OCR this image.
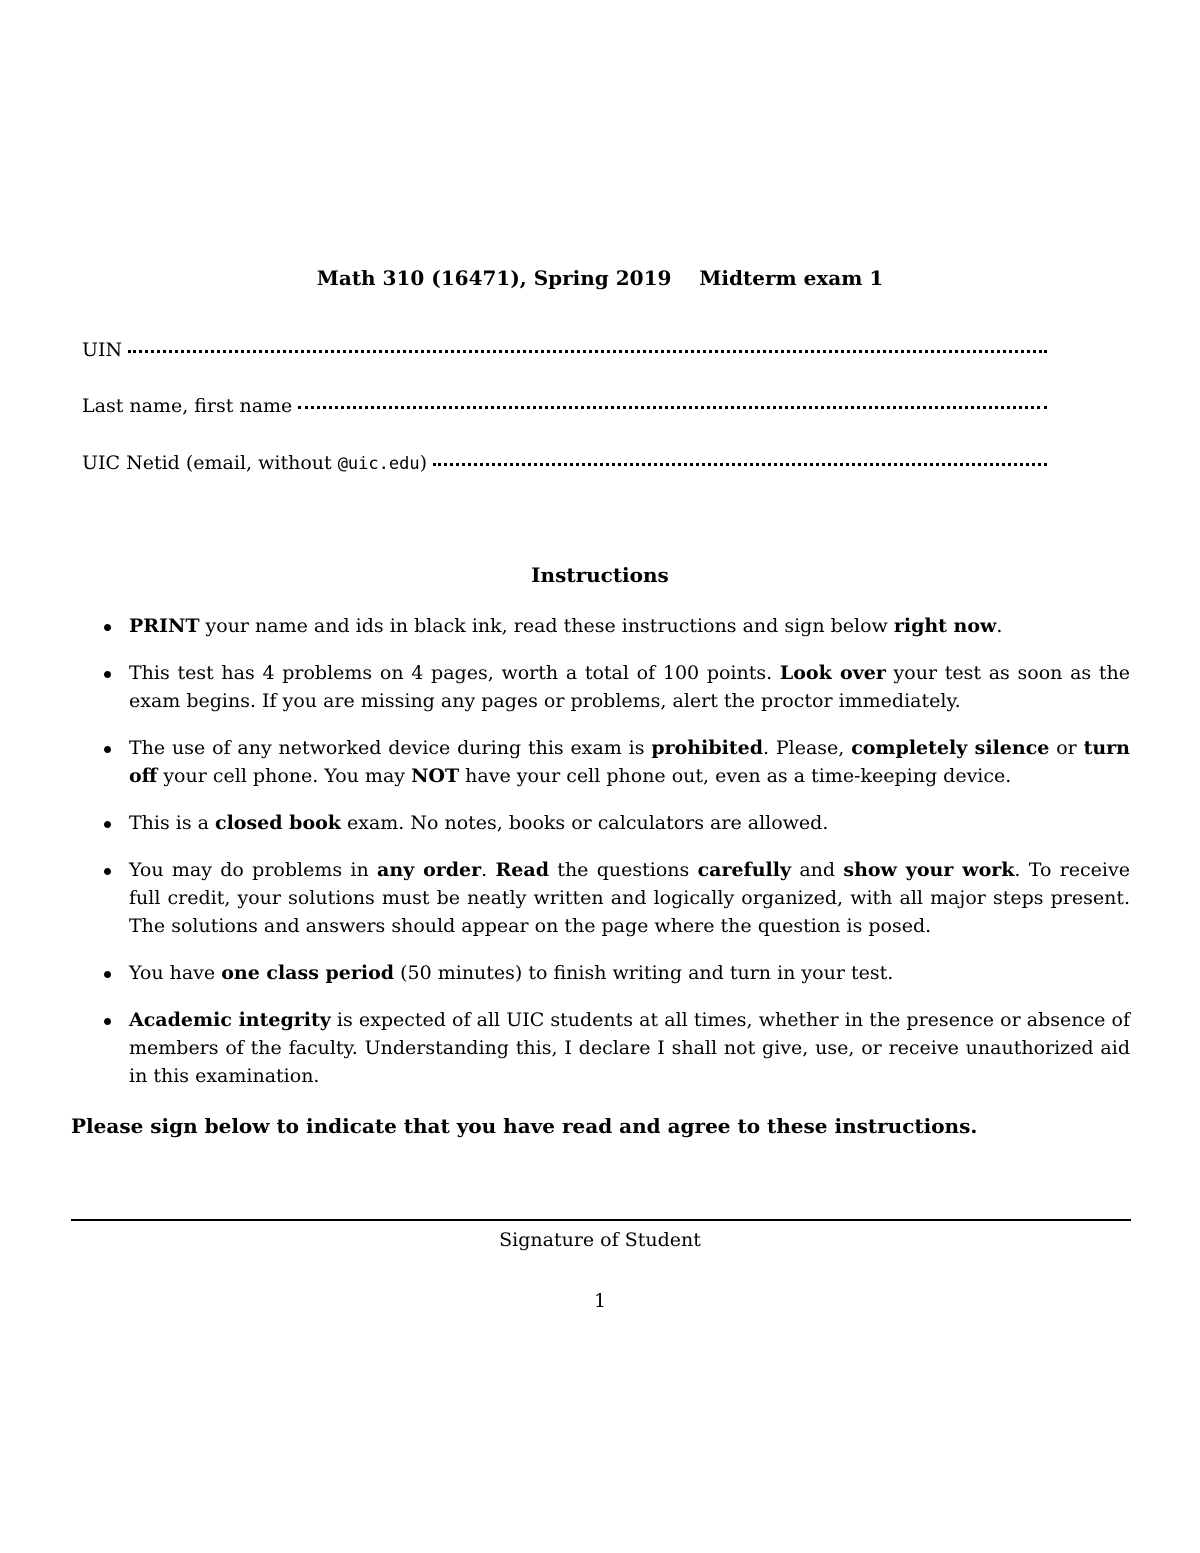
Math 310 (16471), Spring 2019    Midterm exam 1
UIN
Last name, first name
UIC Netid (email, without @uic.edu)
Instructions
PRINT your name and ids in black ink, read these instructions and sign below right now.
This test has 4 problems on 4 pages, worth a total of 100 points. Look over your test as soon as the exam begins. If you are missing any pages or problems, alert the proctor immediately.
The use of any networked device during this exam is prohibited. Please, completely silence or turn off your cell phone. You may NOT have your cell phone out, even as a time-keeping device.
This is a closed book exam. No notes, books or calculators are allowed.
You may do problems in any order. Read the questions carefully and show your work. To receive full credit, your solutions must be neatly written and logically organized, with all major steps present. The solutions and answers should appear on the page where the question is posed.
You have one class period (50 minutes) to finish writing and turn in your test.
Academic integrity is expected of all UIC students at all times, whether in the presence or absence of members of the faculty. Understanding this, I declare I shall not give, use, or receive unauthorized aid in this examination.
Please sign below to indicate that you have read and agree to these instructions.
Signature of Student
1
